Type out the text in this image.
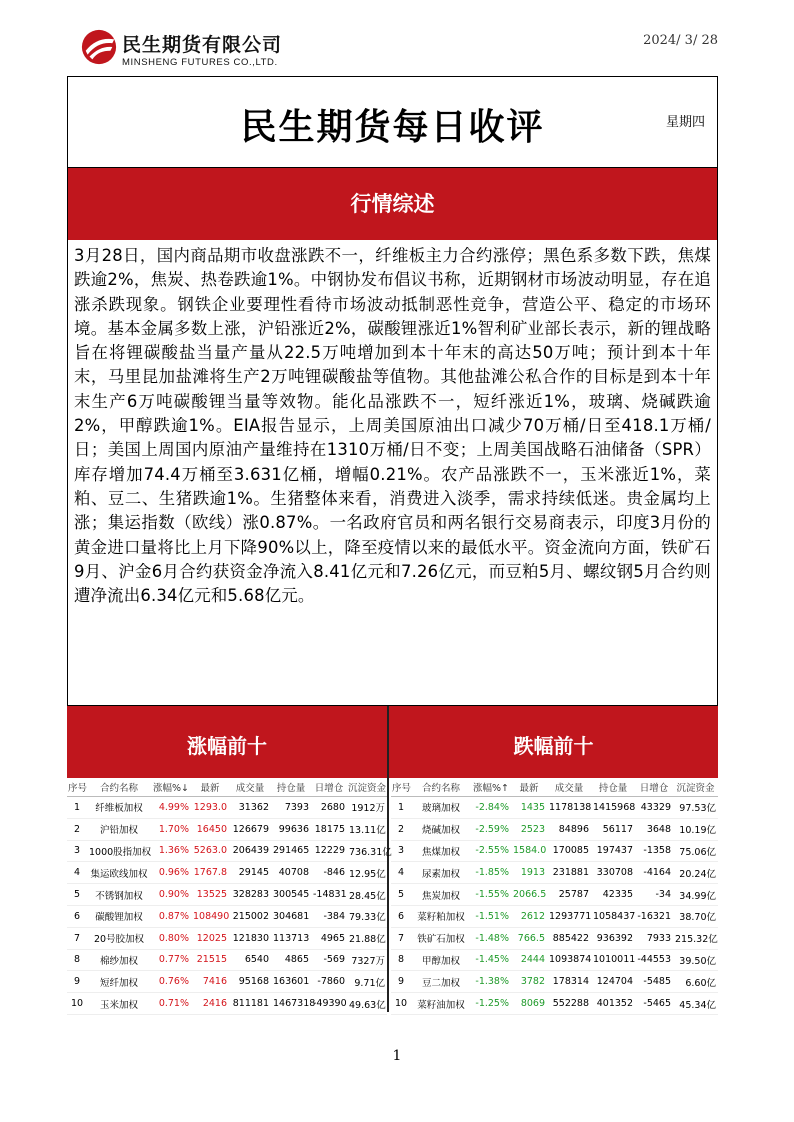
民生期货有限公司
MINSHENG FUTURES CO.,LTD.
2024/ 3/ 28
民生期货每日收评	星期四
行情综述
3月28日，国内商品期市收盘涨跌不一，纤维板主力合约涨停；黑色系多数下跌，焦煤跌逾2%，焦炭、热卷跌逾1%。中钢协发布倡议书称，近期钢材市场波动明显，存在追涨杀跌现象。钢铁企业要理性看待市场波动抵制恶性竞争，营造公平、稳定的市场环境。基本金属多数上涨，沪铅涨近2%，碳酸锂涨近1%智利矿业部长表示，新的锂战略旨在将锂碳酸盐当量产量从22.5万吨增加到本十年末的高达50万吨；预计到本十年末，马里昆加盐滩将生产2万吨锂碳酸盐等值物。其他盐滩公私合作的目标是到本十年末生产6万吨碳酸锂当量等效物。能化品涨跌不一，短纤涨近1%，玻璃、烧碱跌逾2%，甲醇跌逾1%。EIA报告显示，上周美国原油出口减少70万桶/日至418.1万桶/日；美国上周国内原油产量维持在1310万桶/日不变；上周美国战略石油储备（SPR）库存增加74.4万桶至3.631亿桶，增幅0.21%。农产品涨跌不一，玉米涨近1%，菜粕、豆二、生猪跌逾1%。生猪整体来看，消费进入淡季，需求持续低迷。贵金属均上涨；集运指数（欧线）涨0.87%。一名政府官员和两名银行交易商表示，印度3月份的黄金进口量将比上月下降90%以上，降至疫情以来的最低水平。资金流向方面，铁矿石9月、沪金6月合约获资金净流入8.41亿元和7.26亿元，而豆粕5月、螺纹钢5月合约则遭净流出6.34亿元和5.68亿元。
涨幅前十	跌幅前十
序号	合约名称	涨幅%↓	最新	成交量	持仓量	日增仓	沉淀资金
1	纤维板加权	4.99%	1293.0	31362	7393	2680	1912万
2	沪铅加权	1.70%	16450	126679	99636	18175	13.11亿
3	1000股指加权	1.36%	5263.0	206439	291465	12229	736.31亿
4	集运欧线加权	0.96%	1767.8	29145	40708	-846	12.95亿
5	不锈钢加权	0.90%	13525	328283	300545	-14831	28.45亿
6	碳酸锂加权	0.87%	108490	215002	304681	-384	79.33亿
7	20号胶加权	0.80%	12025	121830	113713	4965	21.88亿
8	棉纱加权	0.77%	21515	6540	4865	-569	7327万
9	短纤加权	0.76%	7416	95168	163601	-7860	9.71亿
10	玉米加权	0.71%	2416	811181	1467318	-49390	49.63亿
序号	合约名称	涨幅%↑	最新	成交量	持仓量	日增仓	沉淀资金
1	玻璃加权	-2.84%	1435	1178138	1415968	43329	97.53亿
2	烧碱加权	-2.59%	2523	84896	56117	3648	10.19亿
3	焦煤加权	-2.55%	1584.0	170085	197437	-1358	75.06亿
4	尿素加权	-1.85%	1913	231881	330708	-4164	20.24亿
5	焦炭加权	-1.55%	2066.5	25787	42335	-34	34.99亿
6	菜籽粕加权	-1.51%	2612	1293771	1058437	-16321	38.70亿
7	铁矿石加权	-1.48%	766.5	885422	936392	7933	215.32亿
8	甲醇加权	-1.45%	2444	1093874	1010011	-44553	39.50亿
9	豆二加权	-1.38%	3782	178314	124704	-5485	6.60亿
10	菜籽油加权	-1.25%	8069	552288	401352	-5465	45.34亿
1
